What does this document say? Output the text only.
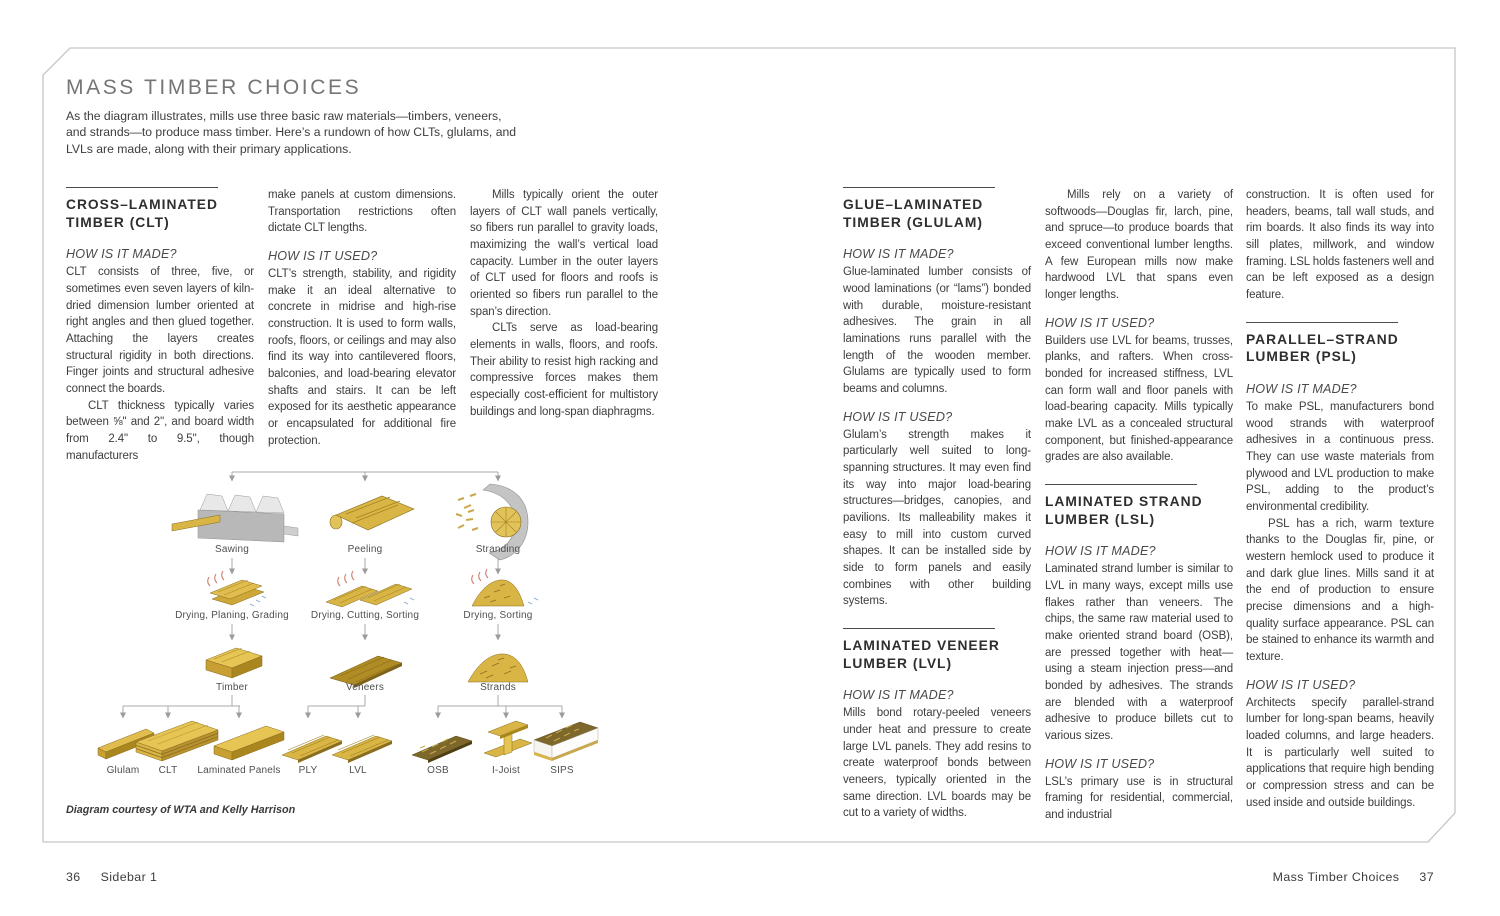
MASS TIMBER CHOICES

As the diagram illustrates, mills use three basic raw materials—timbers, veneers, and strands—to produce mass timber. Here’s a rundown of how CLTs, glulams, and LVLs are made, along with their primary applications.

CROSS–LAMINATED TIMBER (CLT)
HOW IS IT MADE?

CLT consists of three, five, or sometimes even seven layers of kiln-dried dimension lumber oriented at right angles and then glued together. Attaching the layers creates structural rigidity in both directions. Finger joints and structural adhesive connect the boards.

CLT thickness typically varies between ⅝" and 2", and board width from 2.4" to 9.5", though manufacturers

make panels at custom dimensions. Transportation restrictions often dictate CLT lengths.

HOW IS IT USED?

CLT’s strength, stability, and rigidity make it an ideal alternative to concrete in midrise and high-rise construction. It is used to form walls, roofs, floors, or ceilings and may also find its way into cantilevered floors, balconies, and load-bearing elevator shafts and stairs. It can be left exposed for its aesthetic appearance or encapsulated for additional fire protection.

Mills typically orient the outer layers of CLT wall panels vertically, so fibers run parallel to gravity loads, maximizing the wall’s vertical load capacity. Lumber in the outer layers of CLT used for floors and roofs is oriented so fibers run parallel to the span’s direction.

CLTs serve as load-bearing elements in walls, floors, and roofs. Their ability to resist high racking and compressive forces makes them especially cost-efficient for multistory buildings and long-span diaphragms.

GLUE–LAMINATED TIMBER (GLULAM)
HOW IS IT MADE?

Glue-laminated lumber consists of wood laminations (or “lams”) bonded with durable, moisture-resistant adhesives. The grain in all laminations runs parallel with the length of the wooden member. Glulams are typically used to form beams and columns.

HOW IS IT USED?

Glulam’s strength makes it particularly well suited to long-spanning structures. It may even find its way into major load-bearing structures—bridges, canopies, and pavilions. Its malleability makes it easy to mill into custom curved shapes. It can be installed side by side to form panels and easily combines with other building systems.

LAMINATED VENEER LUMBER (LVL)
HOW IS IT MADE?

Mills bond rotary-peeled veneers under heat and pressure to create large LVL panels. They add resins to create waterproof bonds between veneers, typically oriented in the same direction. LVL boards may be cut to a variety of widths.

Mills rely on a variety of softwoods—Douglas fir, larch, pine, and spruce—to produce boards that exceed conventional lumber lengths. A few European mills now make hardwood LVL that spans even longer lengths.

HOW IS IT USED?

Builders use LVL for beams, trusses, planks, and rafters. When cross-bonded for increased stiffness, LVL can form wall and floor panels with load-bearing capacity. Mills typically make LVL as a concealed structural component, but finished-appearance grades are also available.

LAMINATED STRAND LUMBER (LSL)
HOW IS IT MADE?

Laminated strand lumber is similar to LVL in many ways, except mills use flakes rather than veneers. The chips, the same raw material used to make oriented strand board (OSB), are pressed together with heat—using a steam injection press—and bonded by adhesives. The strands are blended with a waterproof adhesive to produce billets cut to various sizes.

HOW IS IT USED?

LSL’s primary use is in structural framing for residential, commercial, and industrial

construction. It is often used for headers, beams, tall wall studs, and rim boards. It also finds its way into sill plates, millwork, and window framing. LSL holds fasteners well and can be left exposed as a design feature.

PARALLEL–STRAND LUMBER (PSL)
HOW IS IT MADE?

To make PSL, manufacturers bond wood strands with waterproof adhesives in a continuous press. They can use waste materials from plywood and LVL production to make PSL, adding to the product’s environmental credibility.

PSL has a rich, warm texture thanks to the Douglas fir, pine, or western hemlock used to produce it and dark glue lines. Mills sand it at the end of production to ensure precise dimensions and a high-quality surface appearance. PSL can be stained to enhance its warmth and texture.

HOW IS IT USED?

Architects specify parallel-strand lumber for long-span beams, heavily loaded columns, and large headers. It is particularly well suited to applications that require high bending or compression stress and can be used inside and outside buildings.

Sawing	Peeling	Stranding
Drying, Planing, Grading Drying, Cutting, Sorting	Drying, Sorting
Timber	Veneers	Strands
Glulam CLT Laminated Panels PLY	LVL	OSB	I-Joist	SIPS
Diagram courtesy of WTA and Kelly Harrison
36 Sidebar 1	Mass Timber Choices 37
